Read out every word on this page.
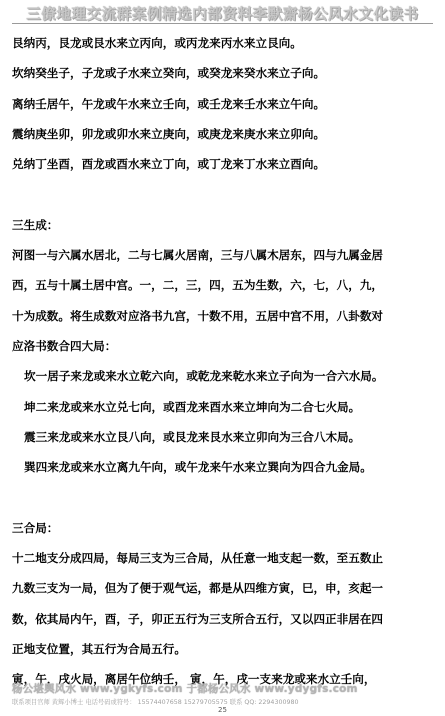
三僚地理交流群案例精选内部资料李默齋杨公风水文化读书
艮纳丙，艮龙或艮水来立丙向，或丙龙来丙水来立艮向。
坎纳癸坐子，子龙或子水来立癸向，或癸龙来癸水来立子向。
离纳壬居午，午龙或午水来立壬向，或壬龙来壬水来立午向。
震纳庚坐卯，卯龙或卯水来立庚向，或庚龙来庚水来立卯向。
兑纳丁坐酉，酉龙或酉水来立丁向，或丁龙来丁水来立酉向。
三生成：
河图一与六属水居北，二与七属火居南，三与八属木居东，四与九属金居
西，五与十属土居中宫。一，二，三，四，五为生数，六，七，八，九，
十为成数。将生成数对应洛书九宫，十数不用，五居中宫不用，八卦数对
应洛书数合四大局：
坎一居子来龙或来水立乾六向，或乾龙来乾水来立子向为一合六水局。
坤二来龙或来水立兑七向，或酉龙来酉水来立坤向为二合七火局。
震三来龙或来水立艮八向，或艮龙来艮水来立卯向为三合八木局。
巽四来龙或来水立离九午向，或午龙来午水来立巽向为四合九金局。
三合局：
十二地支分成四局，每局三支为三合局，从任意一地支起一数，至五数止
九数三支为一局，但为了便于观气运，都是从四维方寅，巳，申，亥起一
数，依其局内午，酉，子，卯正五行为三支所合五行，又以四正非居在四
正地支位置，其五行为合局五行。
寅，午，戌火局，离居午位纳壬， 寅，午，戌一支来龙或来水立壬向，
杨公堪舆风水 www.ygkyfs.com 于都杨公风水 www.ydygfs.com
联系项目官师 黄辉小博士 电话号码或符号： 15574407658 15279705575 联系 QQ: 2294300980
25
